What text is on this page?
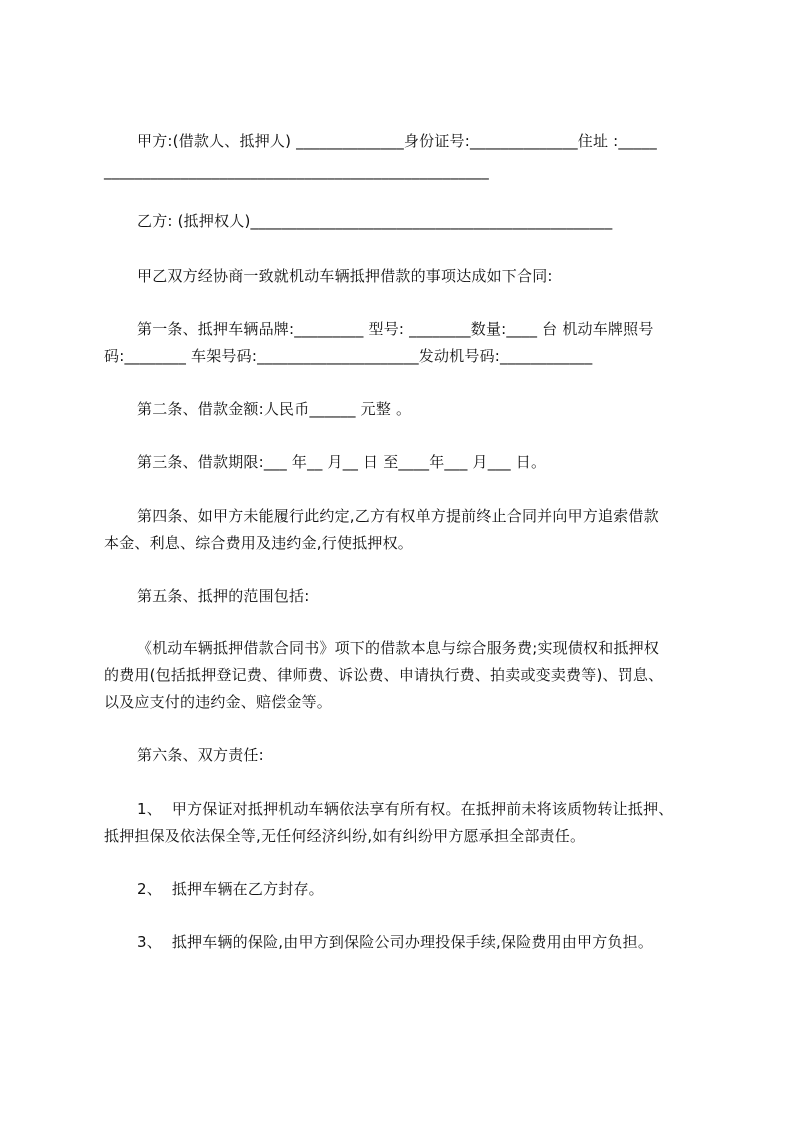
甲方:(借款人、抵押人) ______________身份证号:______________住址 :_____
__________________________________________________
乙方: (抵押权人)_______________________________________________
甲乙双方经协商一致就机动车辆抵押借款的事项达成如下合同:
第一条、抵押车辆品牌:_________ 型号: ________数量:____ 台 机动车牌照号
码:________ 车架号码:_____________________发动机号码:____________
第二条、借款金额:人民币______ 元整 。
第三条、借款期限:___ 年__ 月__ 日 至____年___ 月___ 日。
第四条、如甲方未能履行此约定,乙方有权单方提前终止合同并向甲方追索借款
本金、利息、综合费用及违约金,行使抵押权。
第五条、抵押的范围包括:
《机动车辆抵押借款合同书》项下的借款本息与综合服务费;实现债权和抵押权
的费用(包括抵押登记费、律师费、诉讼费、申请执行费、拍卖或变卖费等)、罚息、
以及应支付的违约金、赔偿金等。
第六条、双方责任:
1、  甲方保证对抵押机动车辆依法享有所有权。在抵押前未将该质物转让抵押、
抵押担保及依法保全等,无任何经济纠纷,如有纠纷甲方愿承担全部责任。
2、  抵押车辆在乙方封存。
3、  抵押车辆的保险,由甲方到保险公司办理投保手续,保险费用由甲方负担。
